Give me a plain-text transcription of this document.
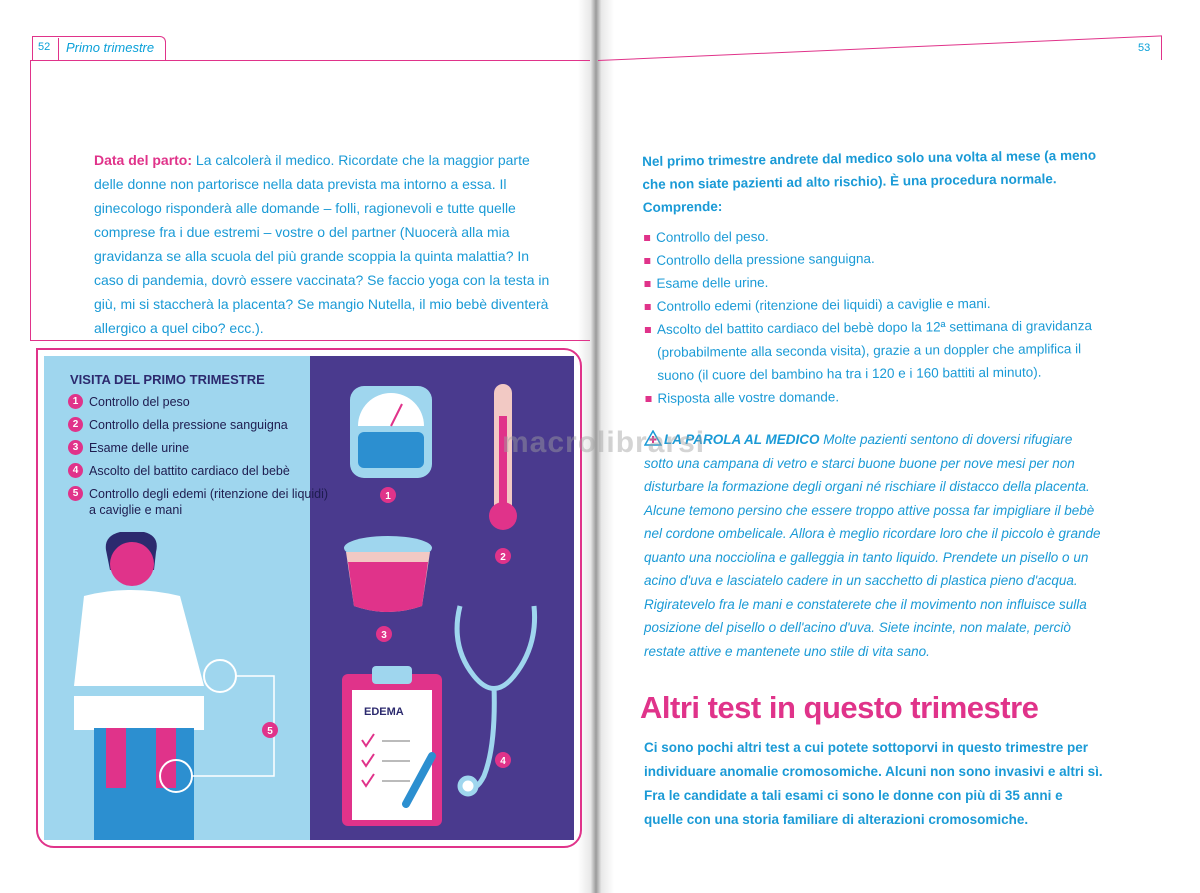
52 Primo trimestre

Data del parto: La calcolerà il medico. Ricordate che la maggior parte delle donne non partorisce nella data prevista ma intorno a essa. Il ginecologo risponderà alle domande – folli, ragionevoli e tutte quelle comprese fra i due estremi – vostre o del partner (Nuocerà alla mia gravidanza se alla scuola del più grande scoppia la quinta malattia? In caso di pandemia, dovrò essere vaccinata? Se faccio yoga con la testa in giù, mi si staccherà la placenta? Se mangio Nutella, il mio bebè diventerà allergico a quel cibo? ecc.).

1
2
3
4
5
VISITA DEL PRIMO TRIMESTRE
1 Controllo del peso
2 Controllo della pressione sanguigna
3 Esame delle urine
4 Ascolto del battito cardiaco del bebè
5 Controllo degli edemi (ritenzione dei liquidi) a caviglie e mani
EDEMA
53

Nel primo trimestre andrete dal medico solo una volta al mese (a meno che non siate pazienti ad alto rischio). È una procedura normale. Comprende:

Controllo del peso.
Controllo della pressione sanguigna.
Esame delle urine.
Controllo edemi (ritenzione dei liquidi) a caviglie e mani.
Ascolto del battito cardiaco del bebè dopo la 12ª settimana di gravidanza (probabilmente alla seconda visita), grazie a un doppler che amplifica il suono (il cuore del bambino ha tra i 120 e i 160 battiti al minuto).
Risposta alle vostre domande.

LA PAROLA AL MEDICO Molte pazienti sentono di doversi rifugiare sotto una campana di vetro e starci buone buone per nove mesi per non disturbare la formazione degli organi né rischiare il distacco della placenta. Alcune temono persino che essere troppo attive possa far impigliare il bebè nel cordone ombelicale. Allora è meglio ricordare loro che il piccolo è grande quanto una nocciolina e galleggia in tanto liquido. Prendete un pisello o un acino d'uva e lasciatelo cadere in un sacchetto di plastica pieno d'acqua. Rigiratevelo fra le mani e constaterete che il movimento non influisce sulla posizione del pisello o dell'acino d'uva. Siete incinte, non malate, perciò restate attive e mantenete uno stile di vita sano.

Altri test in questo trimestre

Ci sono pochi altri test a cui potete sottoporvi in questo trimestre per individuare anomalie cromosomiche. Alcuni non sono invasivi e altri sì. Fra le candidate a tali esami ci sono le donne con più di 35 anni e quelle con una storia familiare di alterazioni cromosomiche.

macrolibrarsi
